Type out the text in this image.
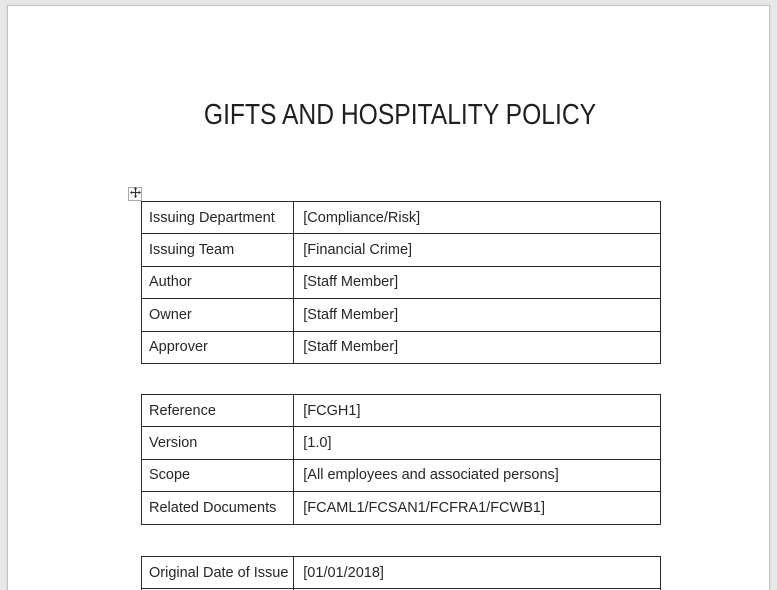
GIFTS AND HOSPITALITY POLICY
Issuing Department	[Compliance/Risk]
Issuing Team	[Financial Crime]
Author	[Staff Member]
Owner	[Staff Member]
Approver	[Staff Member]
Reference	[FCGH1]
Version	[1.0]
Scope	[All employees and associated persons]
Related Documents	[FCAML1/FCSAN1/FCFRA1/FCWB1]
Original Date of Issue	[01/01/2018]
